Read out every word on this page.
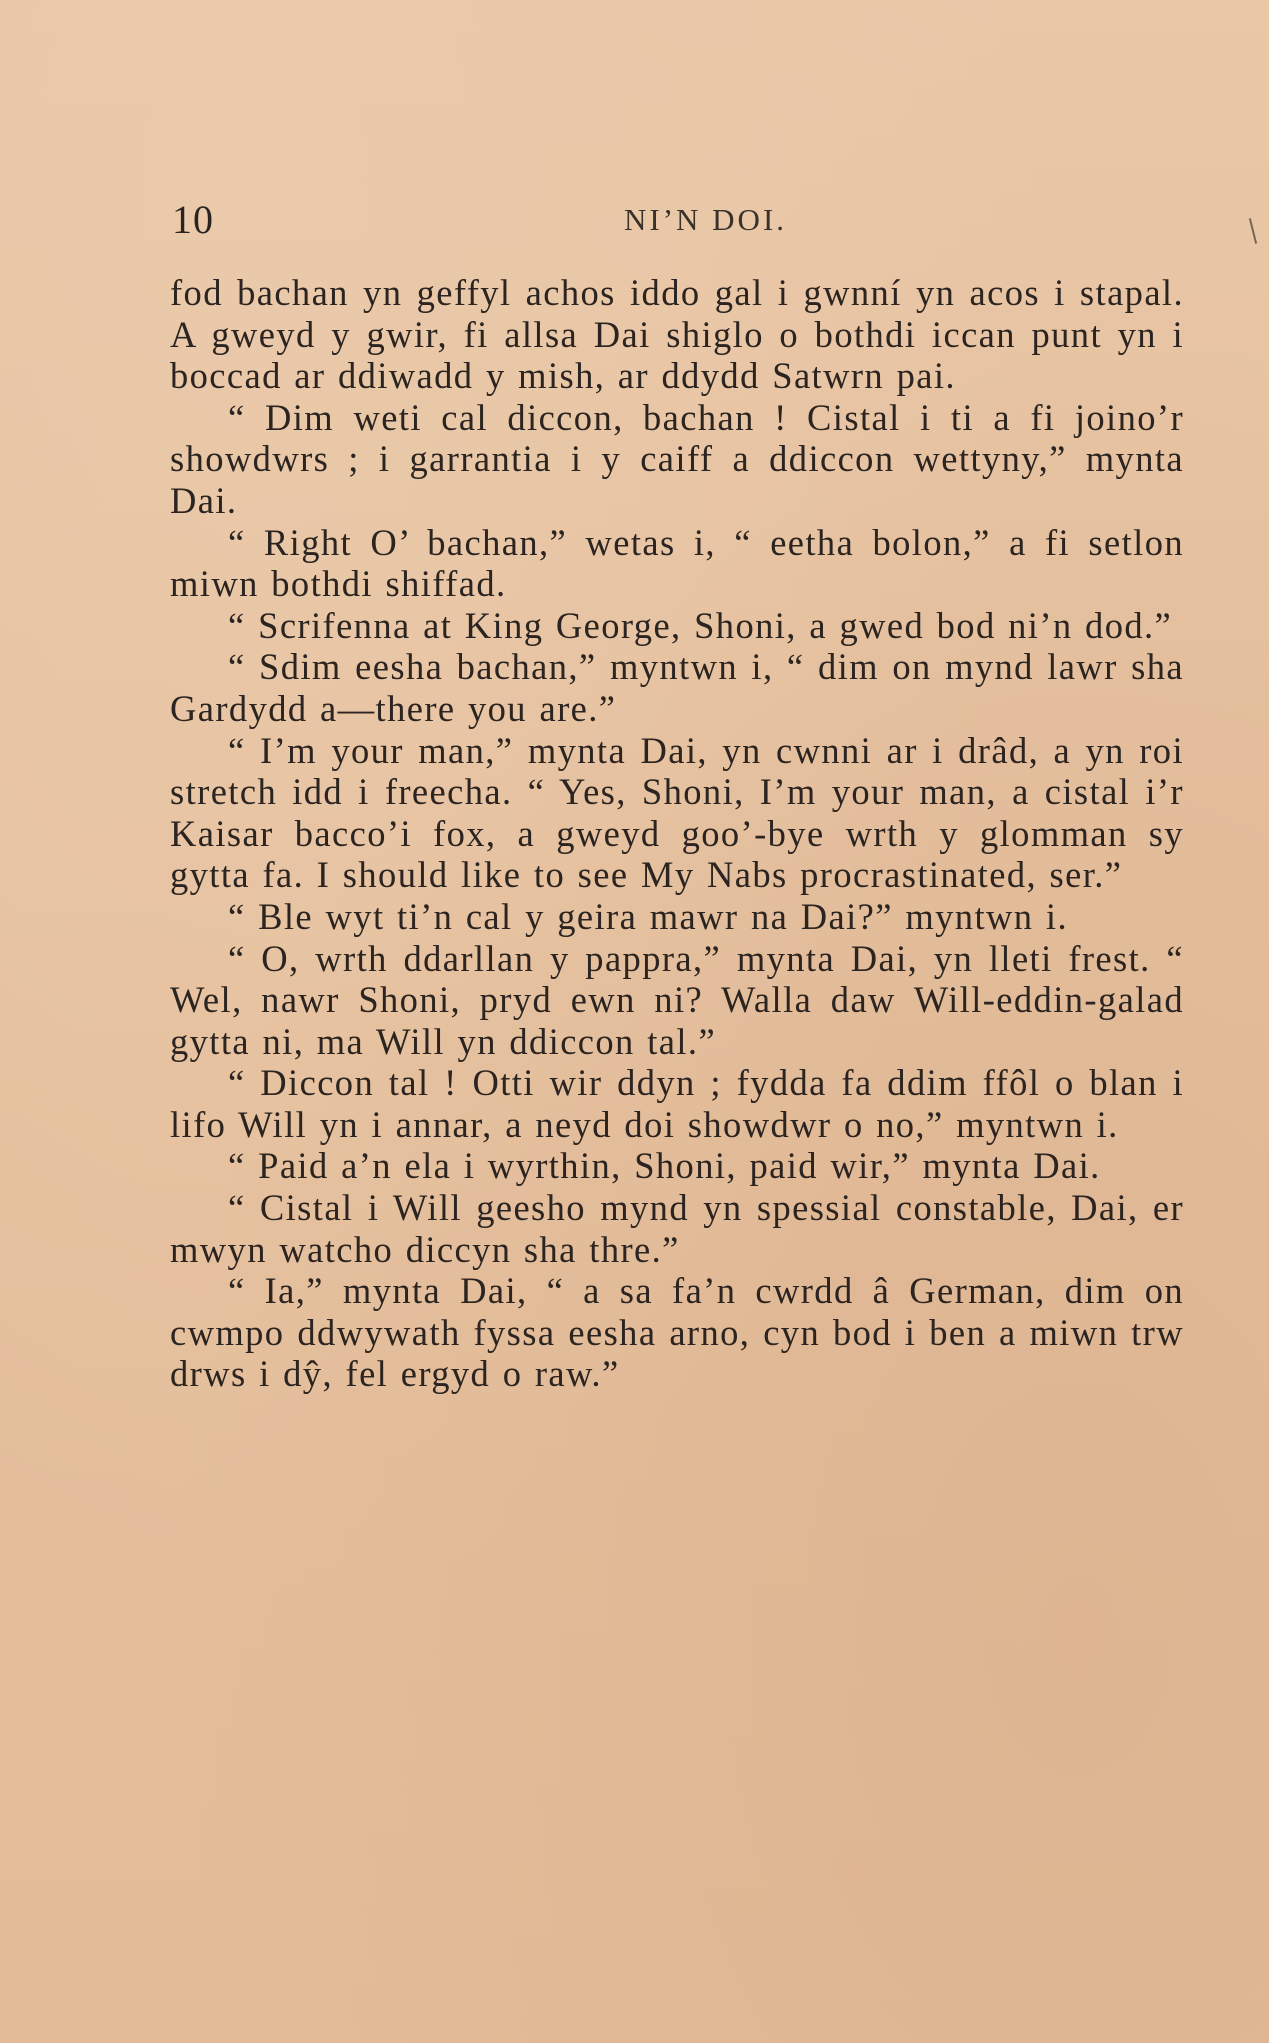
10	NI’N DOI.

fod bachan yn geffyl achos iddo gal i gwnní yn acos i stapal. A gweyd y gwir, fi allsa Dai shiglo o bothdi iccan punt yn i boccad ar ddiwadd y mish, ar ddydd Satwrn pai.

“ Dim weti cal diccon, bachan ! Cistal i ti a fi joino’r showdwrs ; i garrantia i y caiff a ddiccon wettyny,” mynta Dai.

“ Right O’ bachan,” wetas i, “ eetha bolon,” a fi setlon miwn bothdi shiffad.

“ Scrifenna at King George, Shoni, a gwed bod ni’n dod.”

“ Sdim eesha bachan,” myntwn i, “ dim on mynd lawr sha Gardydd a—there you are.”

“ I’m your man,” mynta Dai, yn cwnni ar i drâd, a yn roi stretch idd i freecha. “ Yes, Shoni, I’m your man, a cistal i’r Kaisar bacco’i fox, a gweyd goo’-bye wrth y glomman sy gytta fa. I should like to see My Nabs procrastinated, ser.”

“ Ble wyt ti’n cal y geira mawr na Dai?” myntwn i.

“ O, wrth ddarllan y pappra,” mynta Dai, yn lleti frest. “ Wel, nawr Shoni, pryd ewn ni? Walla daw Will-eddin-galad gytta ni, ma Will yn ddiccon tal.”

“ Diccon tal ! Otti wir ddyn ; fydda fa ddim ffôl o blan i lifo Will yn i annar, a neyd doi showdwr o no,” myntwn i.

“ Paid a’n ela i wyrthin, Shoni, paid wir,” mynta Dai.

“ Cistal i Will geesho mynd yn spessial constable, Dai, er mwyn watcho diccyn sha thre.”

“ Ia,” mynta Dai, “ a sa fa’n cwrdd â German, dim on cwmpo ddwywath fyssa eesha arno, cyn bod i ben a miwn trw drws i dŷ, fel ergyd o raw.”
